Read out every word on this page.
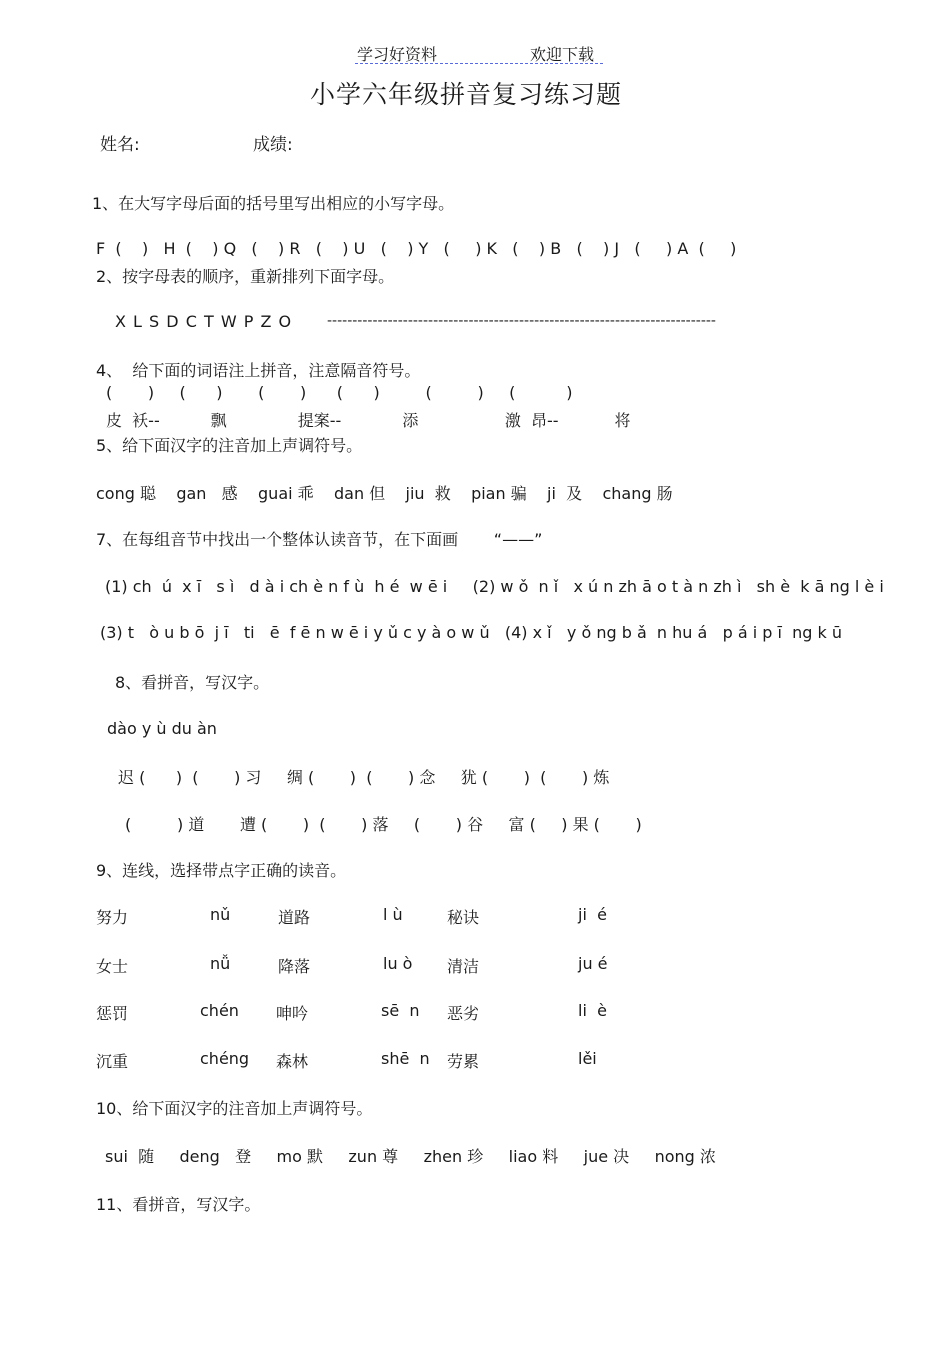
学习好资料	欢迎下载
小学六年级拼音复习练习题
姓名:	成绩:
1、在大写字母后面的括号里写出相应的小写字母。
F  (    )   H  (    ) Q   (    ) R   (    ) U   (    ) Y   (     ) K   (    ) B   (    ) J   (     ) A  (     )
2、按字母表的顺序，重新排列下面字母。
X L S D C T W P Z O -----------------------------------------------------------------------------
4、  给下面的词语注上拼音，注意隔音符号。
(       )     (      )       (       )      (      )         (         )     (          )
皮  袄--          飘              提案--            添                 激  昂--           将
5、给下面汉字的注音加上声调符号。
cong 聪    gan   感    guai 乖    dan 但    jiu  救    pian 骗    ji  及    chang 肠
7、在每组音节中找出一个整体认读音节，在下面画       “——”
(1) ch  ú  x ī   s ì   d à i ch è n f ù  h é  w ē i     (2) w ǒ  n ǐ   x ú n zh ā o t à n zh ì   sh è  k ā ng l è i
(3) t   ò u b ō  j ī   ti   ē  f ē n w ē i y ǔ c y à o w ǔ   (4) x ǐ   y ǒ ng b ǎ  n hu á   p á i p ī  ng k ū
8、看拼音，写汉字。
dào y ù du àn
迟 (      )  (       ) 习     绸 (       )  (       ) 念     犹 (       )  (       ) 炼
(         ) 道       遭 (       )  (       ) 落     (       ) 谷     富 (     ) 果 (       )
9、连线，选择带点字正确的读音。
努力	nǔ	道路	l ù	秘诀	ji  é
女士	nǚ	降落	lu ò 清洁	ju é
惩罚	chén 呻吟	sē  n 恶劣	li  è
沉重	chéng 森林	shē  n 劳累	lěi
10、给下面汉字的注音加上声调符号。
sui  随     deng   登     mo 默     zun 尊     zhen 珍     liao 料     jue 决     nong 浓
11、看拼音，写汉字。
